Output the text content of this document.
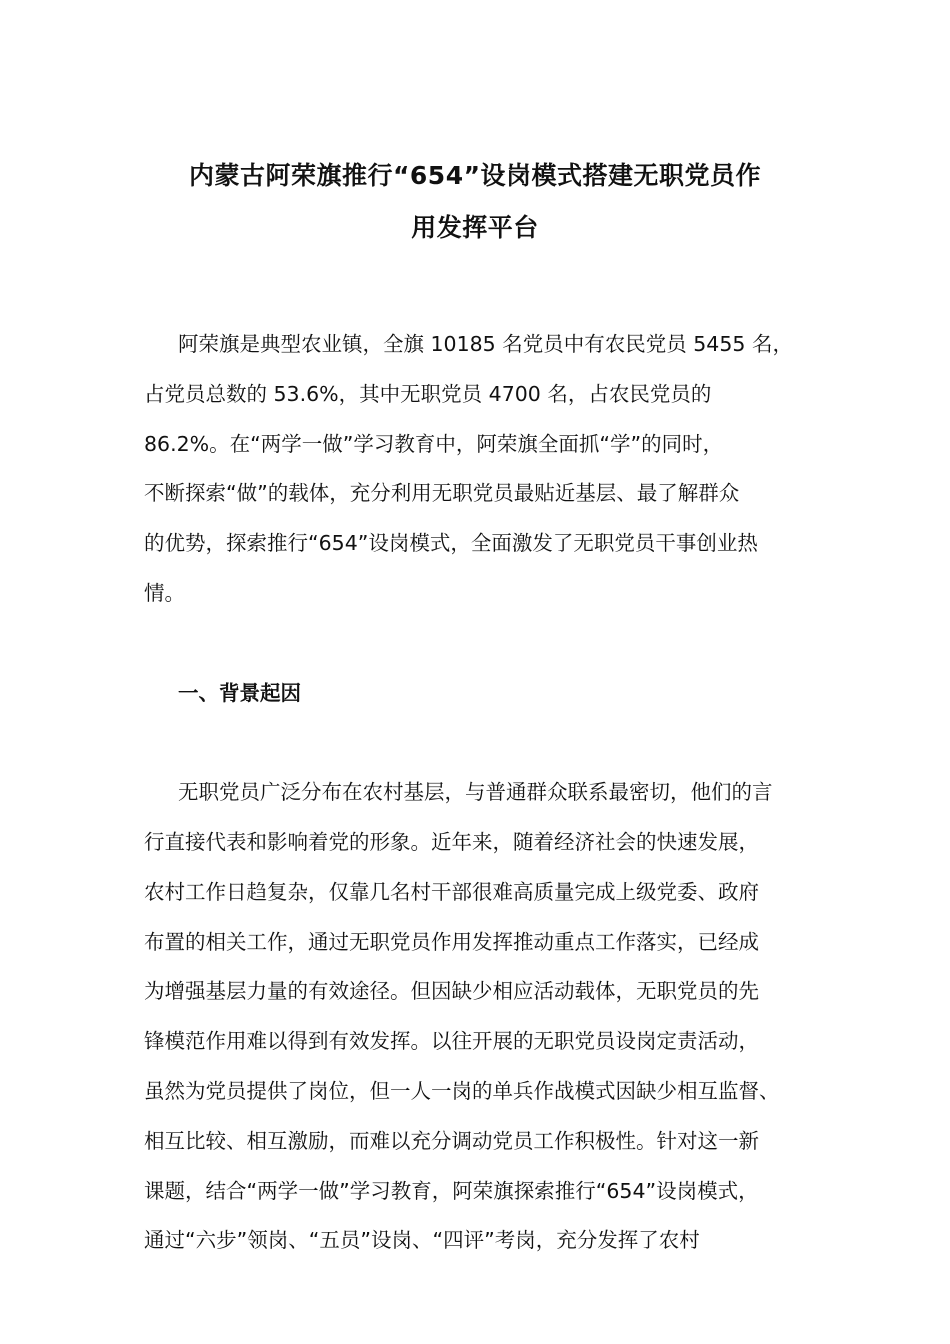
内蒙古阿荣旗推行“654”设岗模式搭建无职党员作
用发挥平台
阿荣旗是典型农业镇，全旗 10185 名党员中有农民党员 5455 名，
占党员总数的 53.6%，其中无职党员 4700 名，占农民党员的
86.2%。在“两学一做”学习教育中，阿荣旗全面抓“学”的同时，
不断探索“做”的载体，充分利用无职党员最贴近基层、最了解群众
的优势，探索推行“654”设岗模式，全面激发了无职党员干事创业热
情。
一、背景起因
无职党员广泛分布在农村基层，与普通群众联系最密切，他们的言
行直接代表和影响着党的形象。近年来，随着经济社会的快速发展，
农村工作日趋复杂，仅靠几名村干部很难高质量完成上级党委、政府
布置的相关工作，通过无职党员作用发挥推动重点工作落实，已经成
为增强基层力量的有效途径。但因缺少相应活动载体，无职党员的先
锋模范作用难以得到有效发挥。以往开展的无职党员设岗定责活动，
虽然为党员提供了岗位，但一人一岗的单兵作战模式因缺少相互监督、
相互比较、相互激励，而难以充分调动党员工作积极性。针对这一新
课题，结合“两学一做”学习教育，阿荣旗探索推行“654”设岗模式，
通过“六步”领岗、“五员”设岗、“四评”考岗，充分发挥了农村
